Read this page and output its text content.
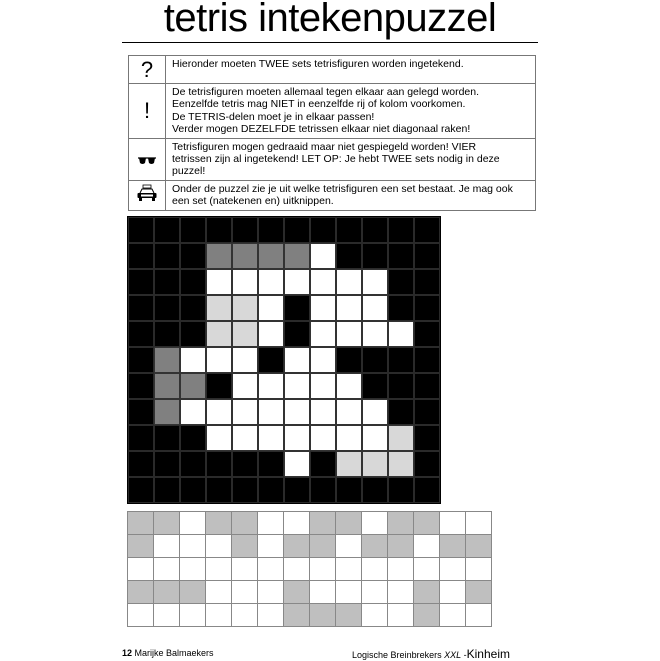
tetris intekenpuzzel
?	Hieronder moeten TWEE sets tetrisfiguren worden ingetekend.

!	De tetrisfiguren moeten allemaal tegen elkaar aan gelegd worden.
Eenzelfde tetris mag NIET in eenzelfde rij of kolom voorkomen.
De TETRIS-delen moet je in elkaar passen!
Verder mogen DEZELFDE tetrissen elkaar niet diagonaal raken!

Tetrisfiguren mogen gedraaid maar niet gespiegeld worden! VIER
tetrissen zijn al ingetekend! LET OP: Je hebt TWEE sets nodig in deze
puzzel!

Onder de puzzel zie je uit welke tetrisfiguren een set bestaat. Je mag ook
een set (natekenen en) uitknippen.
12 Marijke Balmaekers	Logische Breinbrekers XXL -Kinheim
